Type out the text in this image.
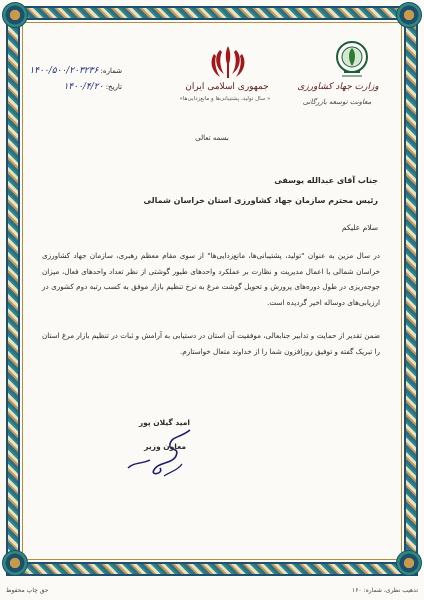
جمهوری اسلامی ایران
« سال تولید، پشتیبانی‌ها و مانع‌زدایی‌ها»
وزارت جهاد کشاورزی
معاونت توسعه بازرگانی
شماره: ۱۴۰۰/۵۰۰/۲۰۳۲۳۶
تاریخ: ۱۴۰۰/۴/۲۰
بسمه تعالی
جناب آقای عبدالله یوسفی
رئیس محترم سازمان جهاد کشاورزی استان خراسان شمالی
سلام علیکم
در سال مزین به عنوان "تولید، پشتیبانی‌ها، مانع‌زدایی‌ها" از سوی مقام معظم رهبری، سازمان جهاد کشاورزی خراسان شمالی با اعمال مدیریت و نظارت بر عملکرد واحدهای طیور گوشتی از نظر تعداد واحدهای فعال، میزان جوجه‌ریزی در طول دوره‌های پرورش و تحویل گوشت مرغ به نرخ تنظیم بازار موفق به کسب رتبه دوم کشوری در ارزیابی‌های دوساله اخیر گردیده است.
ضمن تقدیر از حمایت و تدابیر جنابعالی، موفقیت آن استان در دستیابی به آرامش و ثبات در تنظیم بازار مرغ استان را تبریک گفته و توفیق روزافزون شما را از خداوند متعال خواستارم.
امید گیلان پور
معاون وزیر
حق چاپ محفوظ	تذهیب نظری، شماره: ۱۶۰
